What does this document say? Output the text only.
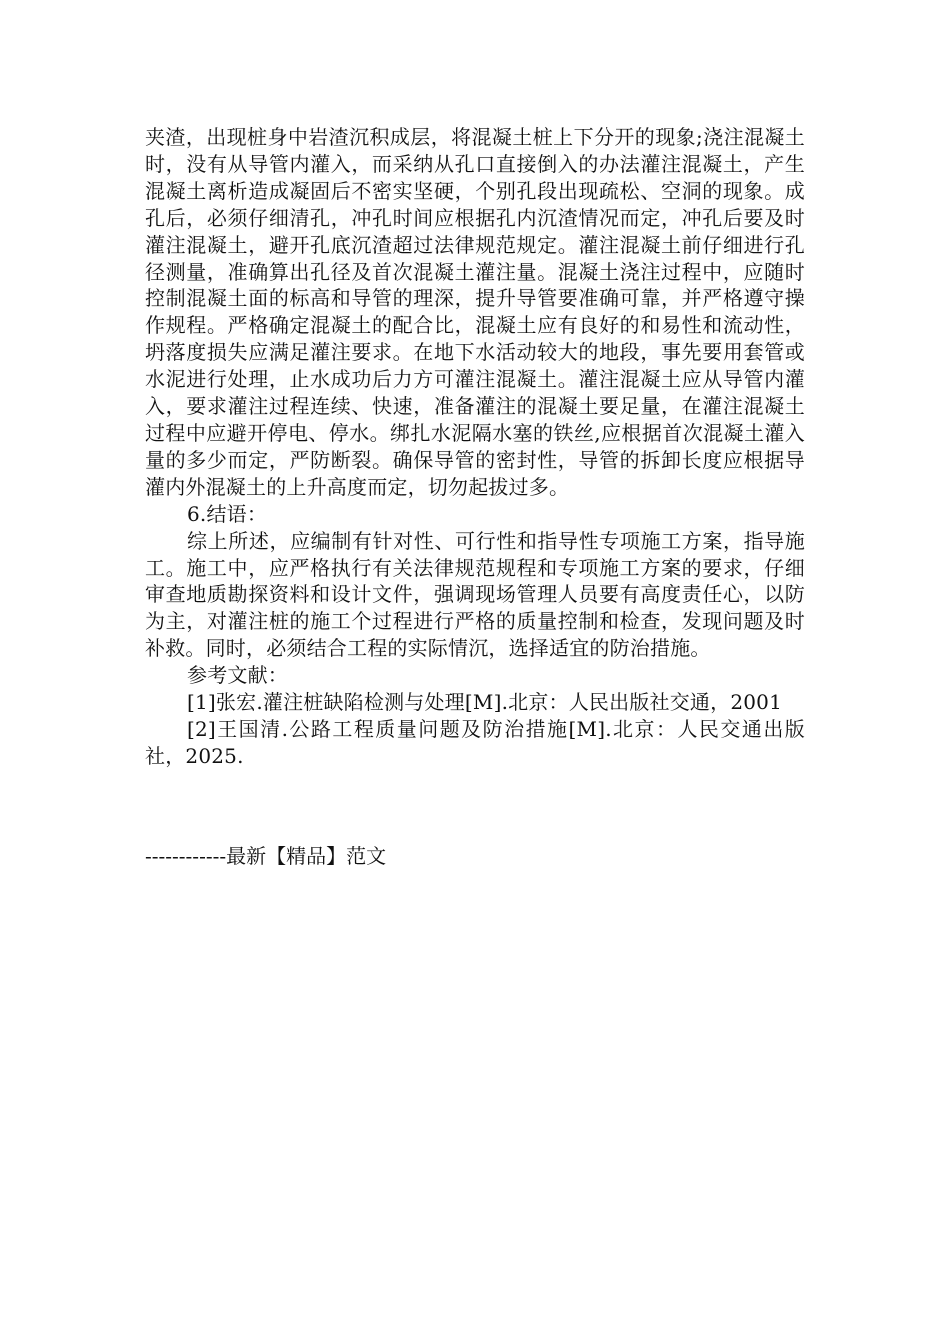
夹渣，出现桩身中岩渣沉积成层，将混凝土桩上下分开的现象;浇注混凝土时，没有从导管内灌入，而采纳从孔口直接倒入的办法灌注混凝土，产生混凝土离析造成凝固后不密实坚硬，个别孔段出现疏松、空洞的现象。成孔后，必须仔细清孔，冲孔时间应根据孔内沉渣情况而定，冲孔后要及时灌注混凝土，避开孔底沉渣超过法律规范规定。灌注混凝土前仔细进行孔径测量，准确算出孔径及首次混凝土灌注量。混凝土浇注过程中，应随时控制混凝土面的标高和导管的理深，提升导管要准确可靠，并严格遵守操作规程。严格确定混凝土的配合比，混凝土应有良好的和易性和流动性，坍落度损失应满足灌注要求。在地下水活动较大的地段，事先要用套管或水泥进行处理，止水成功后力方可灌注混凝土。灌注混凝土应从导管内灌入，要求灌注过程连续、快速，准备灌注的混凝土要足量，在灌注混凝土过程中应避开停电、停水。绑扎水泥隔水塞的铁丝,应根据首次混凝土灌入量的多少而定，严防断裂。确保导管的密封性，导管的拆卸长度应根据导灌内外混凝土的上升高度而定，切勿起拔过多。

6.结语：

综上所述，应编制有针对性、可行性和指导性专项施工方案，指导施工。施工中，应严格执行有关法律规范规程和专项施工方案的要求，仔细审查地质勘探资料和设计文件，强调现场管理人员要有高度责任心，以防为主，对灌注桩的施工个过程进行严格的质量控制和检查，发现问题及时补救。同时，必须结合工程的实际情沉，选择适宜的防治措施。

参考文献：

[1]张宏.灌注桩缺陷检测与处理[M].北京：人民出版社交通，2001

[2]王国清.公路工程质量问题及防治措施[M].北京：人民交通出版社，2025.

------------最新【精品】范文
